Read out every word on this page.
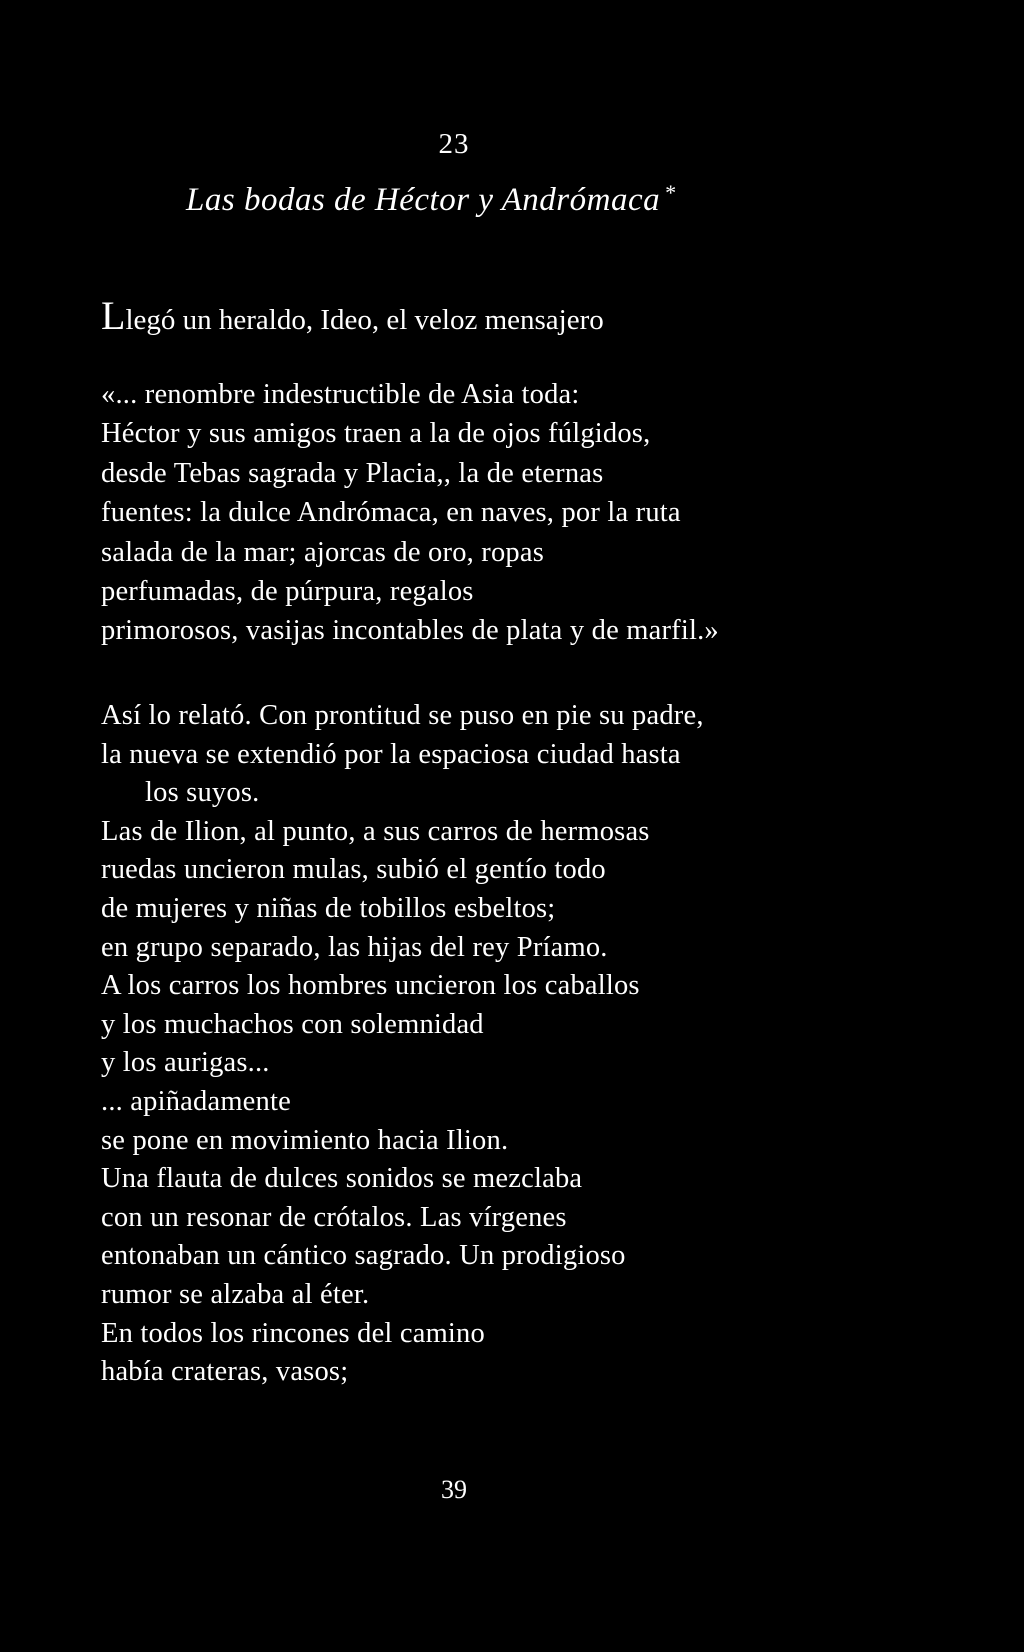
23
Las bodas de Héctor y Andrómaca *
Llegó un heraldo, Ideo, el veloz mensajero
«... renombre indestructible de Asia toda:
Héctor y sus amigos traen a la de ojos fúlgidos,
desde Tebas sagrada y Placia,, la de eternas
fuentes: la dulce Andrómaca, en naves, por la ruta
salada de la mar; ajorcas de oro, ropas
perfumadas, de púrpura, regalos
primorosos, vasijas incontables de plata y de marfil.»
Así lo relató. Con prontitud se puso en pie su padre,
la nueva se extendió por la espaciosa ciudad hasta
los suyos.
Las de Ilion, al punto, a sus carros de hermosas
ruedas uncieron mulas, subió el gentío todo
de mujeres y niñas de tobillos esbeltos;
en grupo separado, las hijas del rey Príamo.
A los carros los hombres uncieron los caballos
y los muchachos con solemnidad
y los aurigas...
... apiñadamente
se pone en movimiento hacia Ilion.
Una flauta de dulces sonidos se mezclaba
con un resonar de crótalos. Las vírgenes
entonaban un cántico sagrado. Un prodigioso
rumor se alzaba al éter.
En todos los rincones del camino
había crateras, vasos;
39
